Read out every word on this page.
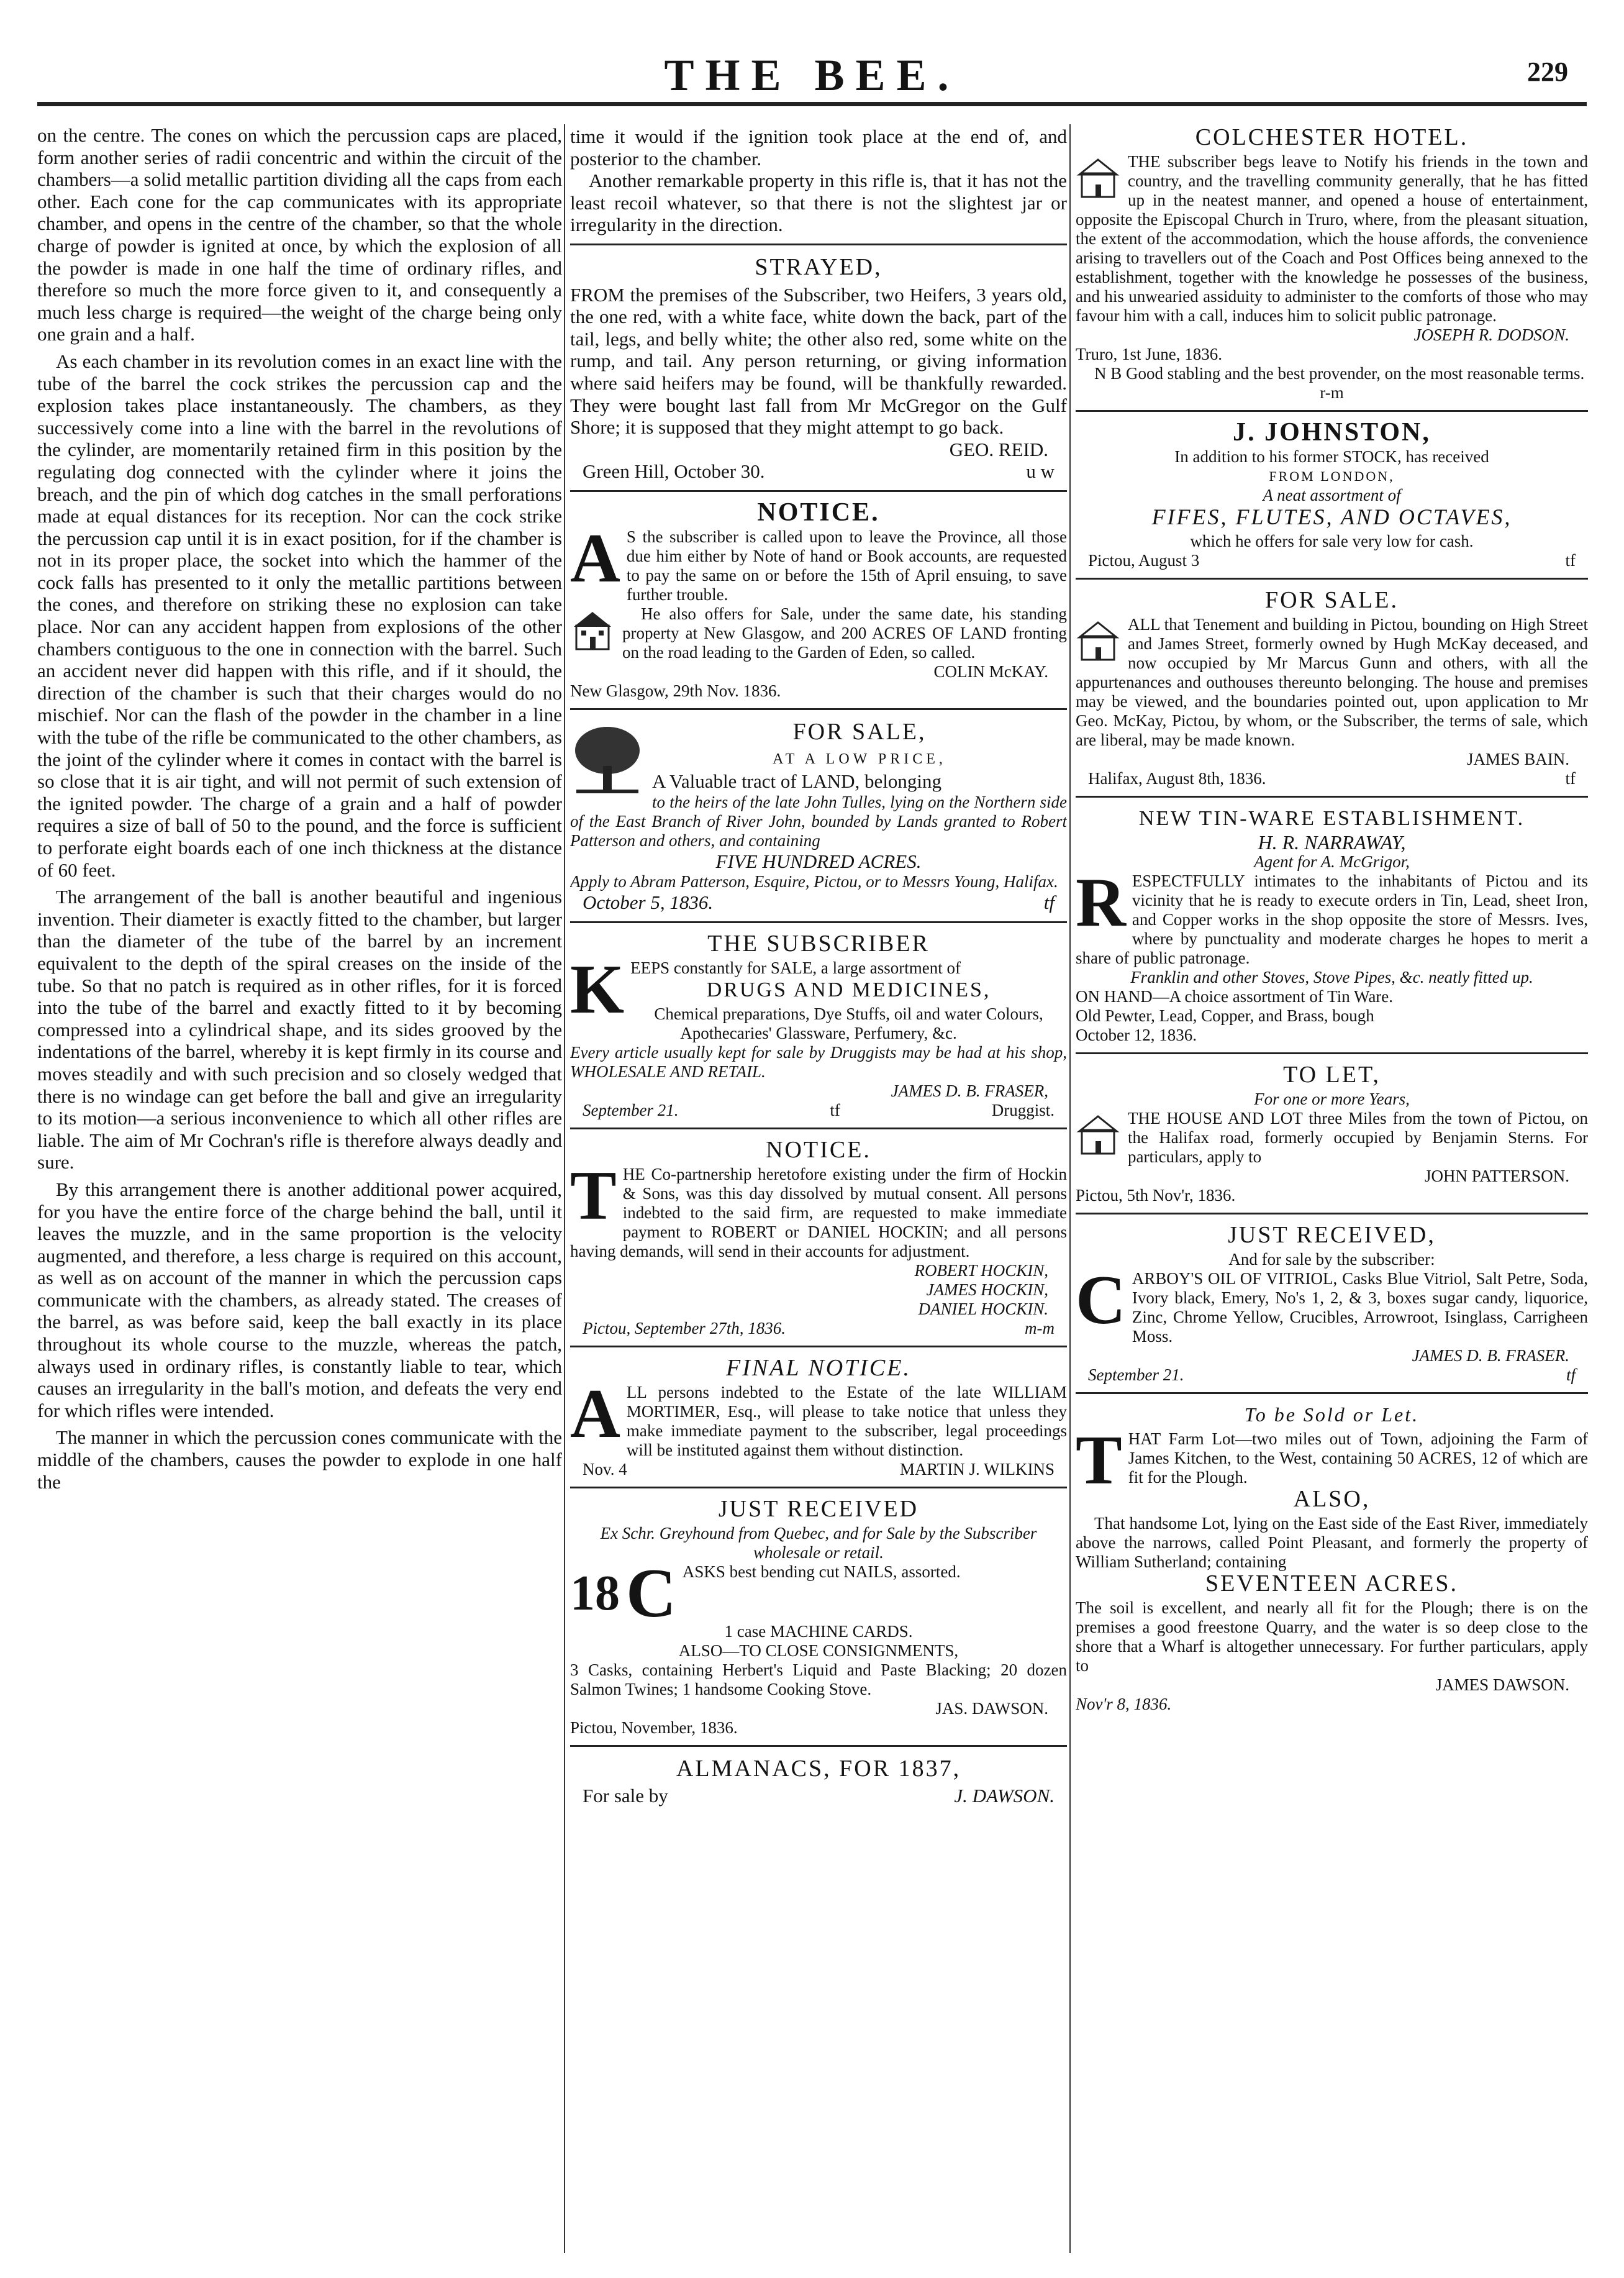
THE BEE.	229

on the centre. The cones on which the percussion caps are placed, form another series of radii concentric and within the circuit of the chambers—a solid metallic partition dividing all the caps from each other. Each cone for the cap communicates with its appropriate chamber, and opens in the centre of the chamber, so that the whole charge of powder is ignited at once, by which the explosion of all the powder is made in one half the time of ordinary rifles, and therefore so much the more force given to it, and consequently a much less charge is required—the weight of the charge being only one grain and a half.

As each chamber in its revolution comes in an exact line with the tube of the barrel the cock strikes the percussion cap and the explosion takes place instantaneously. The chambers, as they successively come into a line with the barrel in the revolutions of the cylinder, are momentarily retained firm in this position by the regulating dog connected with the cylinder where it joins the breach, and the pin of which dog catches in the small perforations made at equal distances for its reception. Nor can the cock strike the percussion cap until it is in exact position, for if the chamber is not in its proper place, the socket into which the hammer of the cock falls has presented to it only the metallic partitions between the cones, and therefore on striking these no explosion can take place. Nor can any accident happen from explosions of the other chambers contiguous to the one in connection with the barrel. Such an accident never did happen with this rifle, and if it should, the direction of the chamber is such that their charges would do no mischief. Nor can the flash of the powder in the chamber in a line with the tube of the rifle be communicated to the other chambers, as the joint of the cylinder where it comes in contact with the barrel is so close that it is air tight, and will not permit of such extension of the ignited powder. The charge of a grain and a half of powder requires a size of ball of 50 to the pound, and the force is sufficient to perforate eight boards each of one inch thickness at the distance of 60 feet.

The arrangement of the ball is another beautiful and ingenious invention. Their diameter is exactly fitted to the chamber, but larger than the diameter of the tube of the barrel by an increment equivalent to the depth of the spiral creases on the inside of the tube. So that no patch is required as in other rifles, for it is forced into the tube of the barrel and exactly fitted to it by becoming compressed into a cylindrical shape, and its sides grooved by the indentations of the barrel, whereby it is kept firmly in its course and moves steadily and with such precision and so closely wedged that there is no windage can get before the ball and give an irregularity to its motion—a serious inconvenience to which all other rifles are liable. The aim of Mr Cochran's rifle is therefore always deadly and sure.

By this arrangement there is another additional power acquired, for you have the entire force of the charge behind the ball, until it leaves the muzzle, and in the same proportion is the velocity augmented, and therefore, a less charge is required on this account, as well as on account of the manner in which the percussion caps communicate with the chambers, as already stated. The creases of the barrel, as was before said, keep the ball exactly in its place throughout its whole course to the muzzle, whereas the patch, always used in ordinary rifles, is constantly liable to tear, which causes an irregularity in the ball's motion, and defeats the very end for which rifles were intended.

The manner in which the percussion cones communicate with the middle of the chambers, causes the powder to explode in one half the

time it would if the ignition took place at the end of, and posterior to the chamber.

Another remarkable property in this rifle is, that it has not the least recoil whatever, so that there is not the slightest jar or irregularity in the direction.

STRAYED,

FROM the premises of the Subscriber, two Heifers, 3 years old, the one red, with a white face, white down the back, part of the tail, legs, and belly white; the other also red, some white on the rump, and tail. Any person returning, or giving information where said heifers may be found, will be thankfully rewarded. They were bought last fall from Mr McGregor on the Gulf Shore; it is supposed that they might attempt to go back.

GEO. REID.
Green Hill, October 30.	u w
NOTICE.
A S the subscriber is called upon to leave the Province, all those due him either by Note of hand or Book accounts, are requested to pay the same on or before the 15th of April ensuing, to save further trouble.

He also offers for Sale, under the same date, his standing property at New Glasgow, and 200 ACRES OF LAND fronting on the road leading to the Garden of Eden, so called.

COLIN McKAY.
New Glasgow, 29th Nov. 1836.
FOR SALE,
AT A LOW PRICE,
A Valuable tract of LAND, belonging

to the heirs of the late John Tulles, lying on the Northern side of the East Branch of River John, bounded by Lands granted to Robert Patterson and others, and containing

FIVE HUNDRED ACRES.

Apply to Abram Patterson, Esquire, Pictou, or to Messrs Young, Halifax.

October 5, 1836.	tf
THE SUBSCRIBER
K EEPS constantly for SALE, a large assortment of

DRUGS AND MEDICINES,

Chemical preparations, Dye Stuffs, oil and water Colours, Apothecaries' Glassware, Perfumery, &c.

Every article usually kept for sale by Druggists may be had at his shop, WHOLESALE AND RETAIL.

JAMES D. B. FRASER,
September 21.	tf	Druggist.
NOTICE.
T HE Co-partnership heretofore existing under the firm of Hockin & Sons, was this day dissolved by mutual consent. All persons indebted to the said firm, are requested to make immediate payment to ROBERT or DANIEL HOCKIN; and all persons having demands, will send in their accounts for adjustment.

ROBERT HOCKIN,
JAMES HOCKIN,
DANIEL HOCKIN.
Pictou, September 27th, 1836.	m-m
FINAL NOTICE.
A LL persons indebted to the Estate of the late WILLIAM MORTIMER, Esq., will please to take notice that unless they make immediate payment to the subscriber, legal proceedings will be instituted against them without distinction.

Nov. 4	MARTIN J. WILKINS
JUST RECEIVED

Ex Schr. Greyhound from Quebec, and for Sale by the Subscriber wholesale or retail.

18 C ASKS best bending cut NAILS, assorted.

1 case MACHINE CARDS.
ALSO—TO CLOSE CONSIGNMENTS,

3 Casks, containing Herbert's Liquid and Paste Blacking; 20 dozen Salmon Twines; 1 handsome Cooking Stove.

JAS. DAWSON.
Pictou, November, 1836.
ALMANACS, FOR 1837,
For sale by	J. DAWSON.
COLCHESTER HOTEL.

THE subscriber begs leave to Notify his friends in the town and country, and the travelling community generally, that he has fitted up in the neatest manner, and opened a house of entertainment, opposite the Episcopal Church in Truro, where, from the pleasant situation, the extent of the accommodation, which the house affords, the convenience arising to travellers out of the Coach and Post Offices being annexed to the establishment, together with the knowledge he possesses of the business, and his unwearied assiduity to administer to the comforts of those who may favour him with a call, induces him to solicit public patronage.

JOSEPH R. DODSON.
Truro, 1st June, 1836.

N B Good stabling and the best provender, on the most reasonable terms.

r-m
J. JOHNSTON,
In addition to his former STOCK, has received
FROM LONDON,
A neat assortment of
FIFES, FLUTES, AND OCTAVES,
which he offers for sale very low for cash.
Pictou, August 3	tf
FOR SALE.

ALL that Tenement and building in Pictou, bounding on High Street and James Street, formerly owned by Hugh McKay deceased, and now occupied by Mr Marcus Gunn and others, with all the appurtenances and outhouses thereunto belonging. The house and premises may be viewed, and the boundaries pointed out, upon application to Mr Geo. McKay, Pictou, by whom, or the Subscriber, the terms of sale, which are liberal, may be made known.

JAMES BAIN.
Halifax, August 8th, 1836.	tf
NEW TIN-WARE ESTABLISHMENT.
H. R. NARRAWAY,
Agent for A. McGrigor,
R ESPECTFULLY intimates to the inhabitants of Pictou and its vicinity that he is ready to execute orders in Tin, Lead, sheet Iron, and Copper works in the shop opposite the store of Messrs. Ives, where by punctuality and moderate charges he hopes to merit a share of public patronage.

Franklin and other Stoves, Stove Pipes, &c. neatly fitted up.

ON HAND—A choice assortment of Tin Ware.
Old Pewter, Lead, Copper, and Brass, bough
October 12, 1836.
TO LET,
For one or more Years,

THE HOUSE AND LOT three Miles from the town of Pictou, on the Halifax road, formerly occupied by Benjamin Sterns. For particulars, apply to

JOHN PATTERSON.
Pictou, 5th Nov'r, 1836.
JUST RECEIVED,
And for sale by the subscriber:
C ARBOY'S OIL OF VITRIOL, Casks Blue Vitriol, Salt Petre, Soda, Ivory black, Emery, No's 1, 2, & 3, boxes sugar candy, liquorice, Zinc, Chrome Yellow, Crucibles, Arrowroot, Isinglass, Carrigheen Moss.

JAMES D. B. FRASER.
September 21.	tf
To be Sold or Let.
T HAT Farm Lot—two miles out of Town, adjoining the Farm of James Kitchen, to the West, containing 50 ACRES, 12 of which are fit for the Plough.

ALSO,

That handsome Lot, lying on the East side of the East River, immediately above the narrows, called Point Pleasant, and formerly the property of William Sutherland; containing

SEVENTEEN ACRES.

The soil is excellent, and nearly all fit for the Plough; there is on the premises a good freestone Quarry, and the water is so deep close to the shore that a Wharf is altogether unnecessary. For further particulars, apply to

JAMES DAWSON.
Nov'r 8, 1836.
